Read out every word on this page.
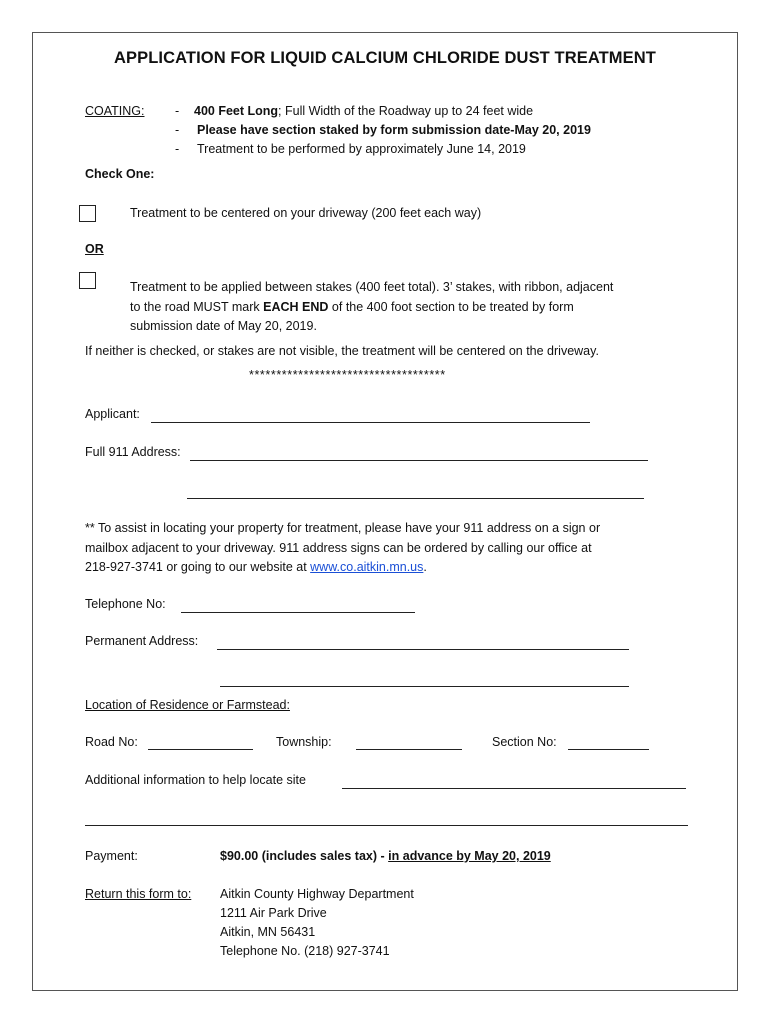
APPLICATION FOR LIQUID CALCIUM CHLORIDE DUST TREATMENT
COATING: - 400 Feet Long; Full Width of the Roadway up to 24 feet wide
- Please have section staked by form submission date-May 20, 2019
- Treatment to be performed by approximately June 14, 2019
Check One:
Treatment to be centered on your driveway (200 feet each way)
OR
Treatment to be applied between stakes (400 feet total). 3’ stakes, with ribbon, adjacent
to the road MUST mark EACH END of the 400 foot section to be treated by form
submission date of May 20, 2019.
If neither is checked, or stakes are not visible, the treatment will be centered on the driveway.
************************************
Applicant:
Full 911 Address:
** To assist in locating your property for treatment, please have your 911 address on a sign or
mailbox adjacent to your driveway. 911 address signs can be ordered by calling our office at
218-927-3741 or going to our website at www.co.aitkin.mn.us.
Telephone No:
Permanent Address:
Location of Residence or Farmstead:
Road No:	Township:	Section No:
Additional information to help locate site
Payment:	$90.00 (includes sales tax) - in advance by May 20, 2019
Return this form to: Aitkin County Highway Department
1211 Air Park Drive
Aitkin, MN 56431
Telephone No. (218) 927-3741
